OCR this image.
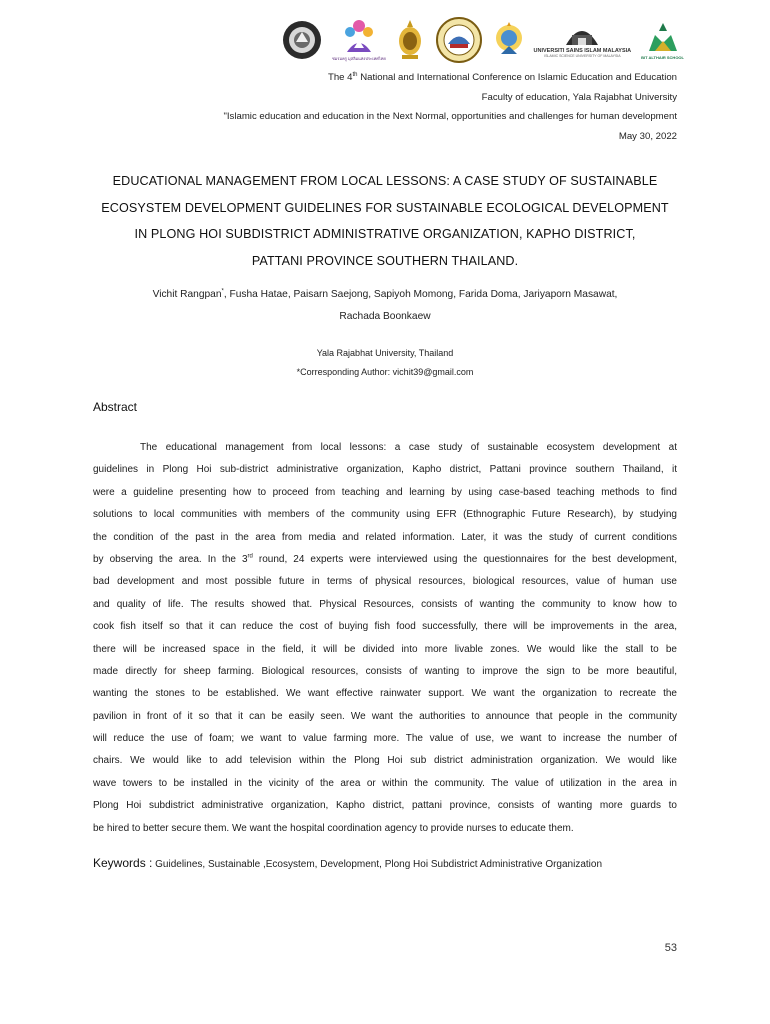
ชมรมครู มุสลิมแห่งประเทศไทย
UNIVERSITI SAINS ISLAM MALAYSIA
ISLAMIC SCIENCE UNIVERSITY OF MALAYSIA	BIT ALTHAIR SCHOOL
The 4th National and International Conference on Islamic Education and Education
Faculty of education, Yala Rajabhat University
"Islamic education and education in the Next Normal, opportunities and challenges for human development
May 30, 2022
EDUCATIONAL MANAGEMENT FROM LOCAL LESSONS: A CASE STUDY OF SUSTAINABLE
ECOSYSTEM DEVELOPMENT GUIDELINES FOR SUSTAINABLE ECOLOGICAL DEVELOPMENT
IN PLONG HOI SUBDISTRICT ADMINISTRATIVE ORGANIZATION, KAPHO DISTRICT,
PATTANI PROVINCE SOUTHERN THAILAND.
Vichit Rangpan*, Fusha Hatae, Paisarn Saejong, Sapiyoh Momong, Farida Doma, Jariyaporn Masawat,
Rachada Boonkaew
Yala Rajabhat University, Thailand
*Corresponding Author: vichit39@gmail.com
Abstract
The educational management from local lessons: a case study of sustainable ecosystem development at
guidelines in Plong Hoi sub-district administrative organization, Kapho district, Pattani province southern Thailand, it
were a guideline presenting how to proceed from teaching and learning by using case-based teaching methods to find
solutions to local communities with members of the community using EFR (Ethnographic Future Research), by studying
the condition of the past in the area from media and related information. Later, it was the study of current conditions
by observing the area. In the 3rd round, 24 experts were interviewed using the questionnaires for the best development,
bad development and most possible future in terms of physical resources, biological resources, value of human use
and quality of life. The results showed that. Physical Resources, consists of wanting the community to know how to
cook fish itself so that it can reduce the cost of buying fish food successfully, there will be improvements in the area,
there will be increased space in the field, it will be divided into more livable zones. We would like the stall to be
made directly for sheep farming. Biological resources, consists of wanting to improve the sign to be more beautiful,
wanting the stones to be established. We want effective rainwater support. We want the organization to recreate the
pavilion in front of it so that it can be easily seen. We want the authorities to announce that people in the community
will reduce the use of foam; we want to value farming more. The value of use, we want to increase the number of
chairs. We would like to add television within the Plong Hoi sub district administration organization. We would like
wave towers to be installed in the vicinity of the area or within the community. The value of utilization in the area in
Plong Hoi subdistrict administrative organization, Kapho district, pattani province, consists of wanting more guards to
be hired to better secure them. We want the hospital coordination agency to provide nurses to educate them.
Keywords : Guidelines, Sustainable ,Ecosystem, Development, Plong Hoi Subdistrict Administrative Organization
53
